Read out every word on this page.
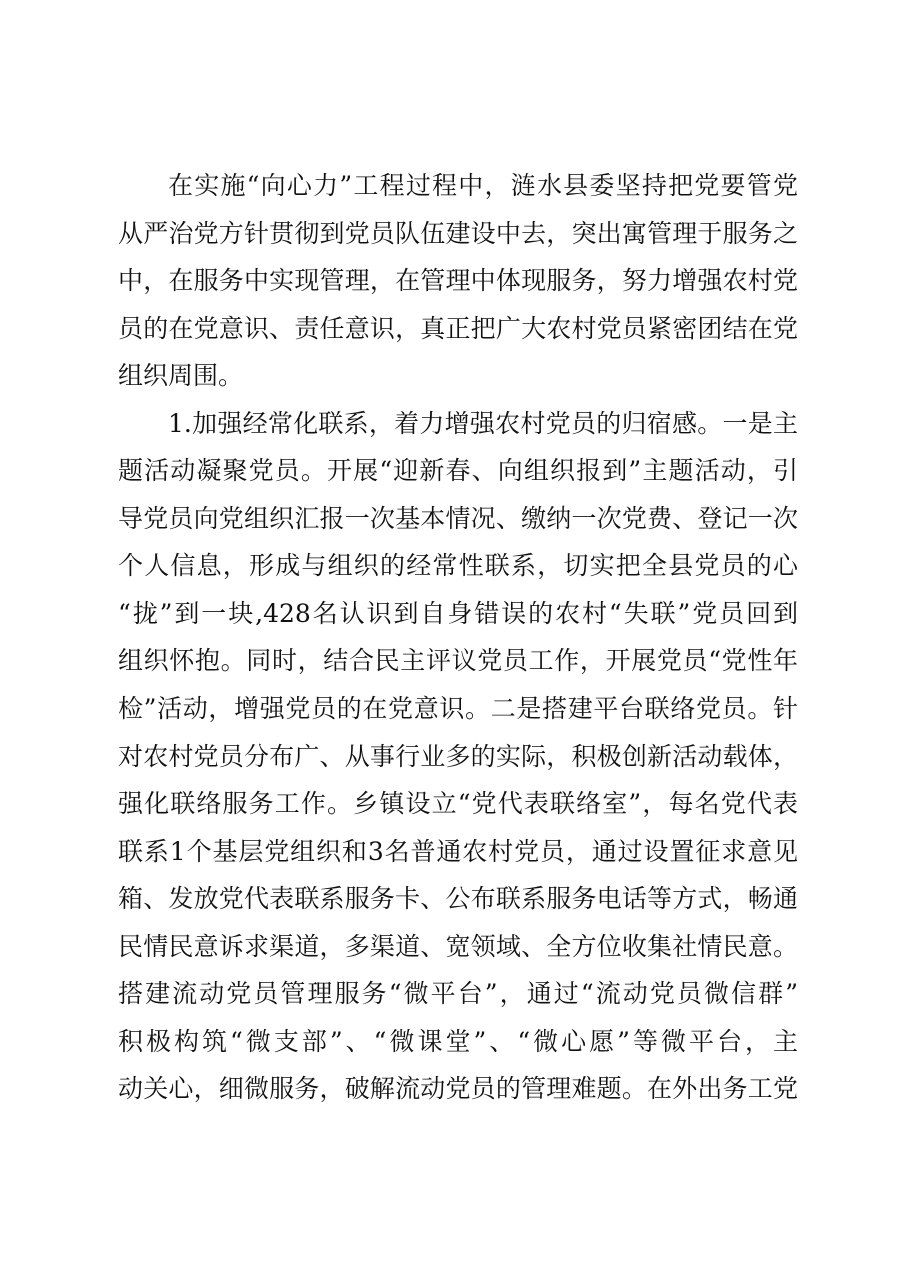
在实施“向心力”工程过程中，涟水县委坚持把党要管党
从严治党方针贯彻到党员队伍建设中去，突出寓管理于服务之
中，在服务中实现管理，在管理中体现服务，努力增强农村党
员的在党意识、责任意识，真正把广大农村党员紧密团结在党
组织周围。
1.加强经常化联系，着力增强农村党员的归宿感。一是主
题活动凝聚党员。开展“迎新春、向组织报到”主题活动，引
导党员向党组织汇报一次基本情况、缴纳一次党费、登记一次
个人信息，形成与组织的经常性联系，切实把全县党员的心
“拢”到一块,428名认识到自身错误的农村“失联”党员回到
组织怀抱。同时，结合民主评议党员工作，开展党员“党性年
检”活动，增强党员的在党意识。二是搭建平台联络党员。针
对农村党员分布广、从事行业多的实际，积极创新活动载体，
强化联络服务工作。乡镇设立“党代表联络室”，每名党代表
联系1个基层党组织和3名普通农村党员，通过设置征求意见
箱、发放党代表联系服务卡、公布联系服务电话等方式，畅通
民情民意诉求渠道，多渠道、宽领域、全方位收集社情民意。
搭建流动党员管理服务“微平台”，通过“流动党员微信群”
积极构筑“微支部”、“微课堂”、“微心愿”等微平台，主
动关心，细微服务，破解流动党员的管理难题。在外出务工党
